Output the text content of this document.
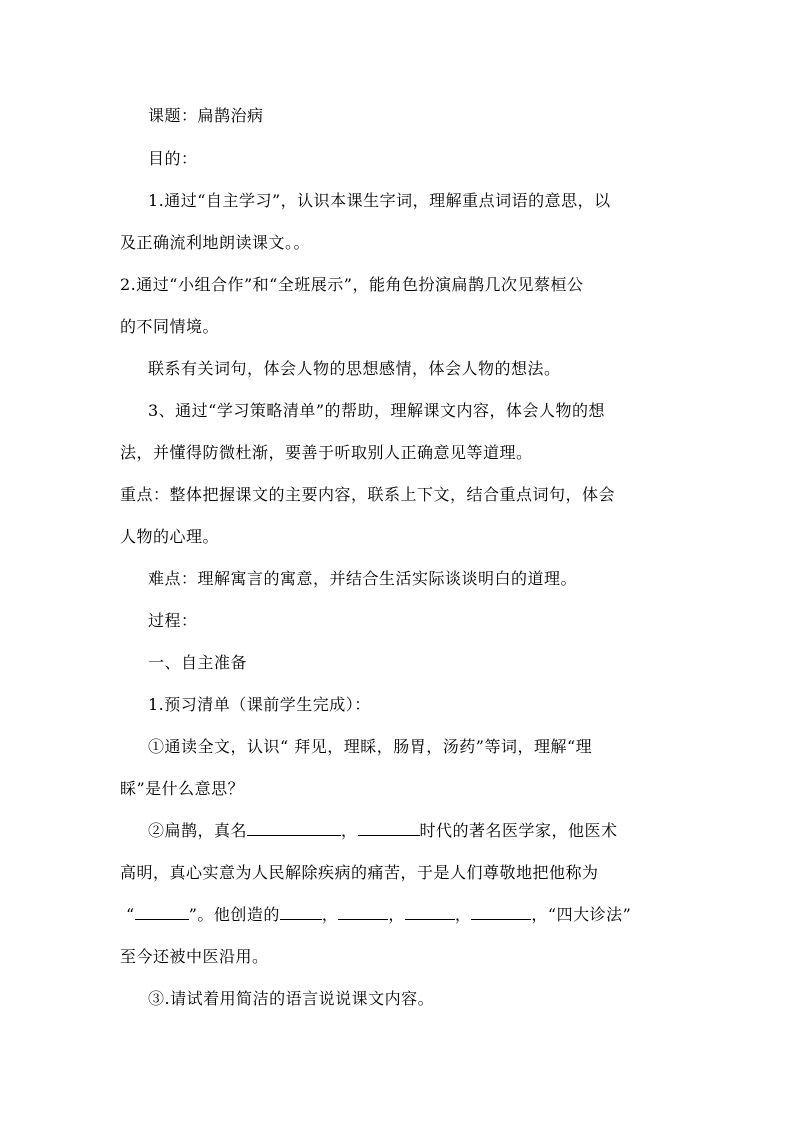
课题：扁鹊治病

目的：

1.通过“自主学习”，认识本课生字词，理解重点词语的意思，以

及正确流利地朗读课文。。

2.通过“小组合作”和“全班展示”，能角色扮演扁鹊几次见蔡桓公

的不同情境。

联系有关词句，体会人物的思想感情，体会人物的想法。

3、通过“学习策略清单”的帮助，理解课文内容，体会人物的想

法，并懂得防微杜渐，要善于听取别人正确意见等道理。

重点：整体把握课文的主要内容，联系上下文，结合重点词句，体会

人物的心理。

难点：理解寓言的寓意，并结合生活实际谈谈明白的道理。

过程：

一、自主准备

1.预习清单（课前学生完成）：

①通读全文，认识“ 拜见，理睬，肠胃，汤药”等词，理解“理

睬”是什么意思？

②扁鹊，真名	，	时代的著名医学家，他医术

高明，真心实意为人民解除疾病的痛苦，于是人们尊敬地把他称为

“	”。他创造的	，	，	，	，“四大诊法”

至今还被中医沿用。

③.请试着用简洁的语言说说课文内容。
